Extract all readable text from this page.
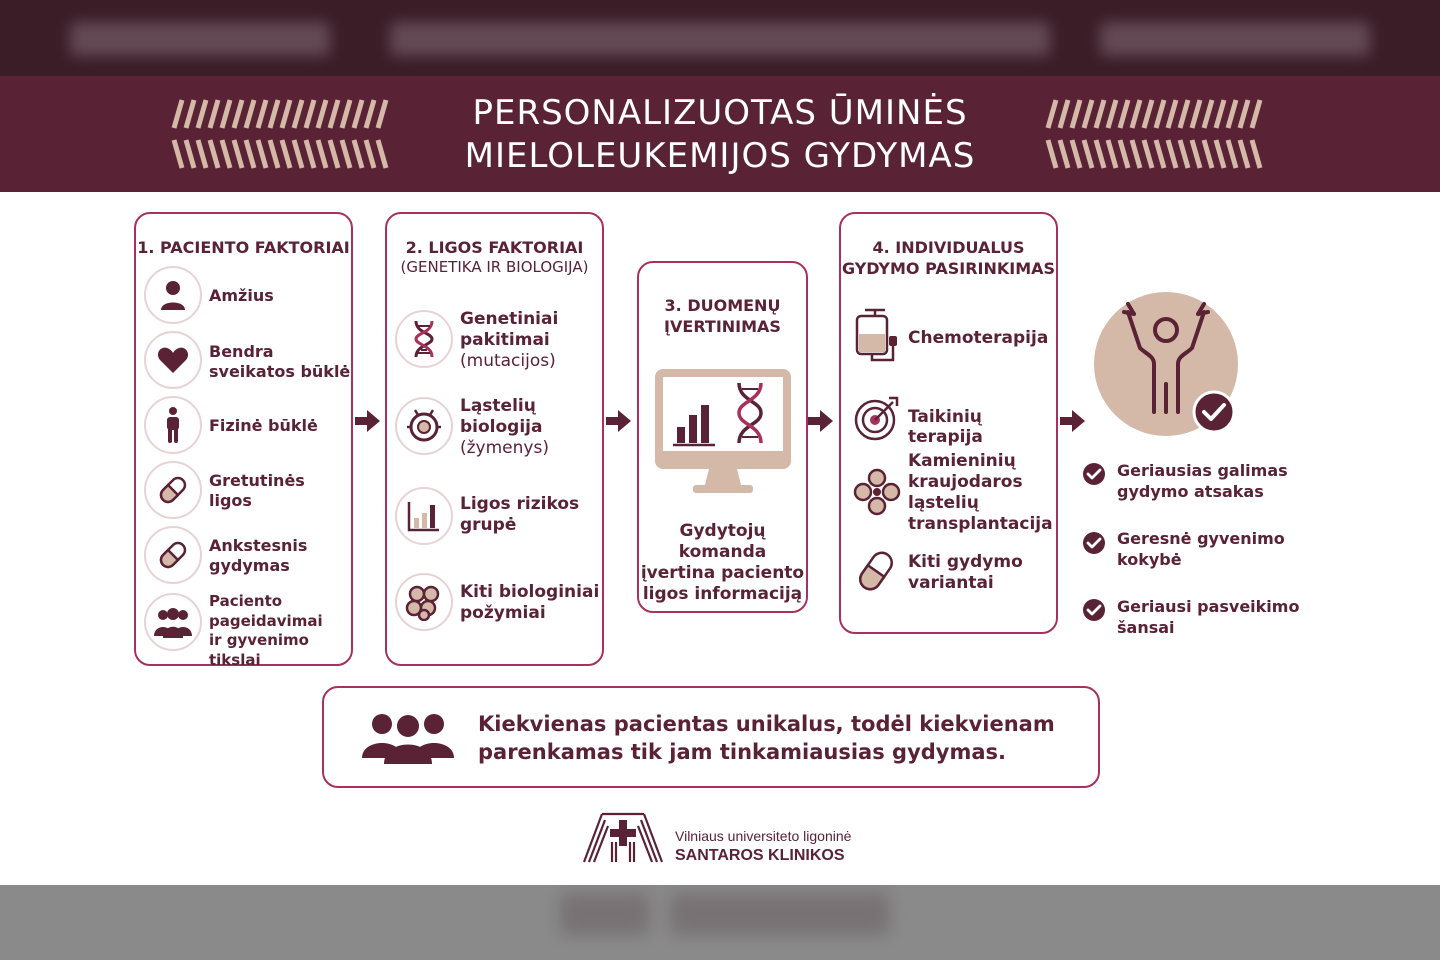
PERSONALIZUOTAS ŪMINĖS
MIELOLEUKEMIJOS GYDYMAS
1. PACIENTO FAKTORIAI
Amžius
Bendra
sveikatos būklė
Fizinė būklė
Gretutinės
ligos
Ankstesnis
gydymas
Paciento
pageidavimai
ir gyvenimo tikslai
2. LIGOS FAKTORIAI
(GENETIKA IR BIOLOGIJA)
Genetiniai
pakitimai
(mutacijos)
Ląstelių
biologija
(žymenys)
Ligos rizikos
grupė
Kiti biologiniai
požymiai
3. DUOMENŲ
ĮVERTINIMAS
Gydytojų komanda
įvertina paciento
ligos informaciją
4. INDIVIDUALUS
GYDYMO PASIRINKIMAS
Chemoterapija
Taikinių terapija
Kamieninių
kraujodaros
ląstelių
transplantacija
Kiti gydymo
variantai
Geriausias galimas
gydymo atsakas
Geresnė gyvenimo
kokybė
Geriausi pasveikimo
šansai
Kiekvienas pacientas unikalus, todėl kiekvienam
parenkamas tik jam tinkamiausias gydymas.
Vilniaus universiteto ligoninė
SANTAROS KLINIKOS
